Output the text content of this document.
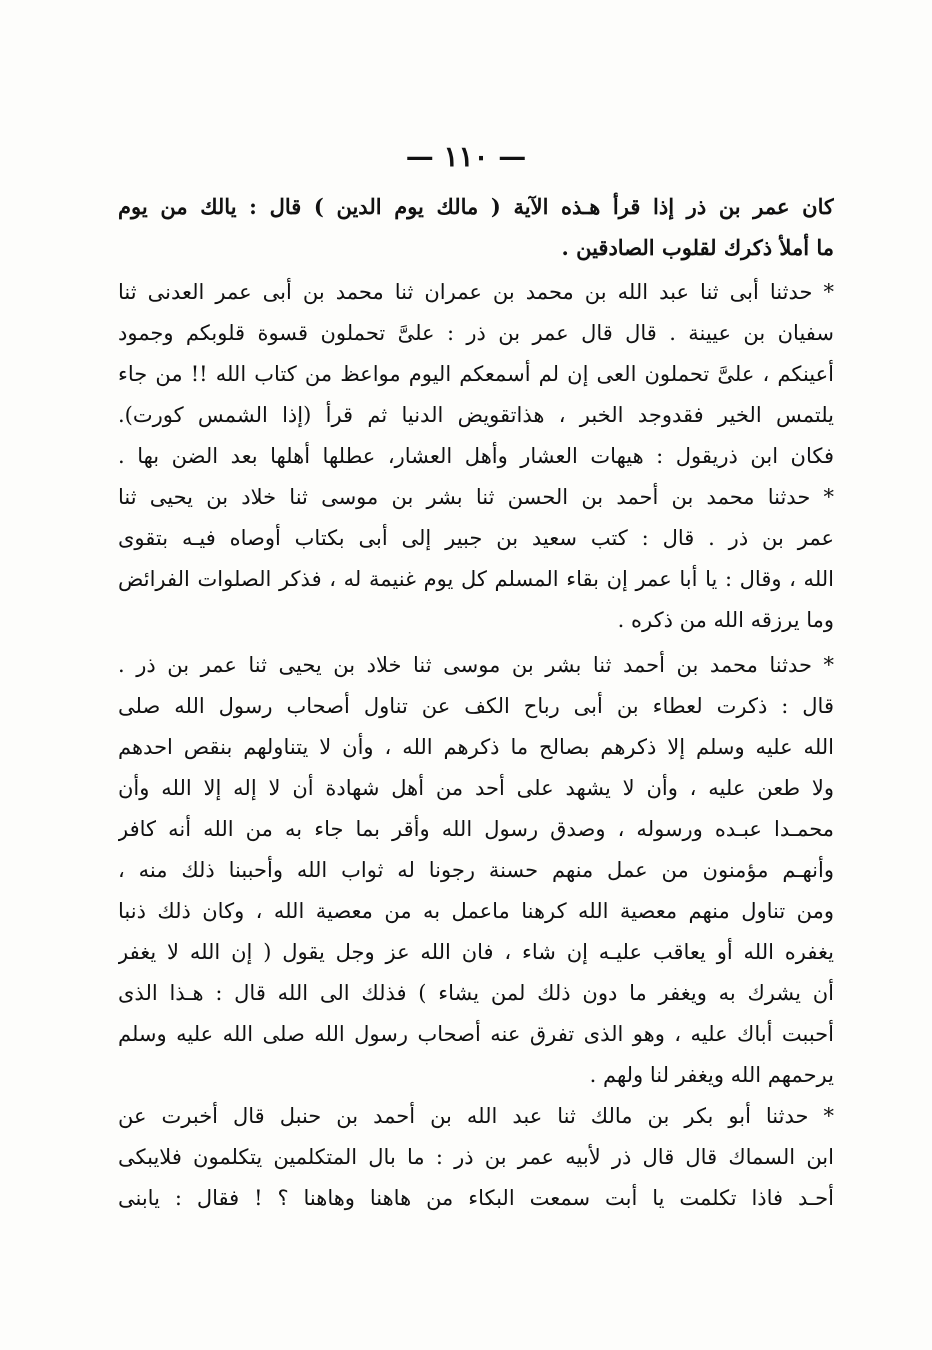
— ١١٠ —
كان عمر بن ذر إذا قرأ هـذه الآية ( مالك يوم الدين ) قال : يالك من يوم
ما أملأ ذكرك لقلوب الصادقين .
* حدثنا أبى ثنا عبد الله بن محمد بن عمران ثنا محمد بن أبى عمر العدنى ثنا
سفيان بن عيينة . قال قال عمر بن ذر : علىَّ تحملون قسوة قلوبكم وجمود
أعينكم ، علىَّ تحملون العى إن لم أسمعكم اليوم مواعظ من كتاب الله !! من جاء
يلتمس الخير فقدوجد الخبر ، هذاتقويض الدنيا ثم قرأ (إذا الشمس كورت).
فكان ابن ذريقول : هيهات العشار وأهل العشار، عطلها أهلها بعد الضن بها .
* حدثنا محمد بن أحمد بن الحسن ثنا بشر بن موسى ثنا خلاد بن يحيى ثنا
عمر بن ذر . قال : كتب سعيد بن جبير إلى أبى بكتاب أوصاه فيـه بتقوى
الله ، وقال : يا أبا عمر إن بقاء المسلم كل يوم غنيمة له ، فذكر الصلوات الفرائض
وما يرزقه الله من ذكره .
* حدثنا محمد بن أحمد ثنا بشر بن موسى ثنا خلاد بن يحيى ثنا عمر بن ذر .
قال : ذكرت لعطاء بن أبى رباح الكف عن تناول أصحاب رسول الله صلى
الله عليه وسلم إلا ذكرهم بصالح ما ذكرهم الله ، وأن لا يتناولهم بنقص احدهم
ولا طعن عليه ، وأن لا يشهد على أحد من أهل شهادة أن لا إله إلا الله وأن
محمـدا عبـده ورسوله ، وصدق رسول الله وأقر بما جاء به من الله أنه كافر
وأنهـم مؤمنون من عمل منهم حسنة رجونا له ثواب الله وأحببنا ذلك منه ،
ومن تناول منهم معصية الله كرهنا ماعمل به من معصية الله ، وكان ذلك ذنبا
يغفره الله أو يعاقب عليـه إن شاء ، فان الله عز وجل يقول ( إن الله لا يغفر
أن يشرك به ويغفر ما دون ذلك لمن يشاء ) فذلك الى الله قال : هـذا الذى
أحببت أباك عليه ، وهو الذى تفرق عنه أصحاب رسول الله صلى الله عليه وسلم
يرحمهم الله ويغفر لنا ولهم .
* حدثنا أبو بكر بن مالك ثنا عبد الله بن أحمد بن حنبل قال أخبرت عن
ابن السماك قال قال ذر لأبيه عمر بن ذر : ما بال المتكلمين يتكلمون فلايبكى
أحـد فاذا تكلمت يا أبت سمعت البكاء من هاهنا وهاهنا ؟ ! فقال : يابنى
